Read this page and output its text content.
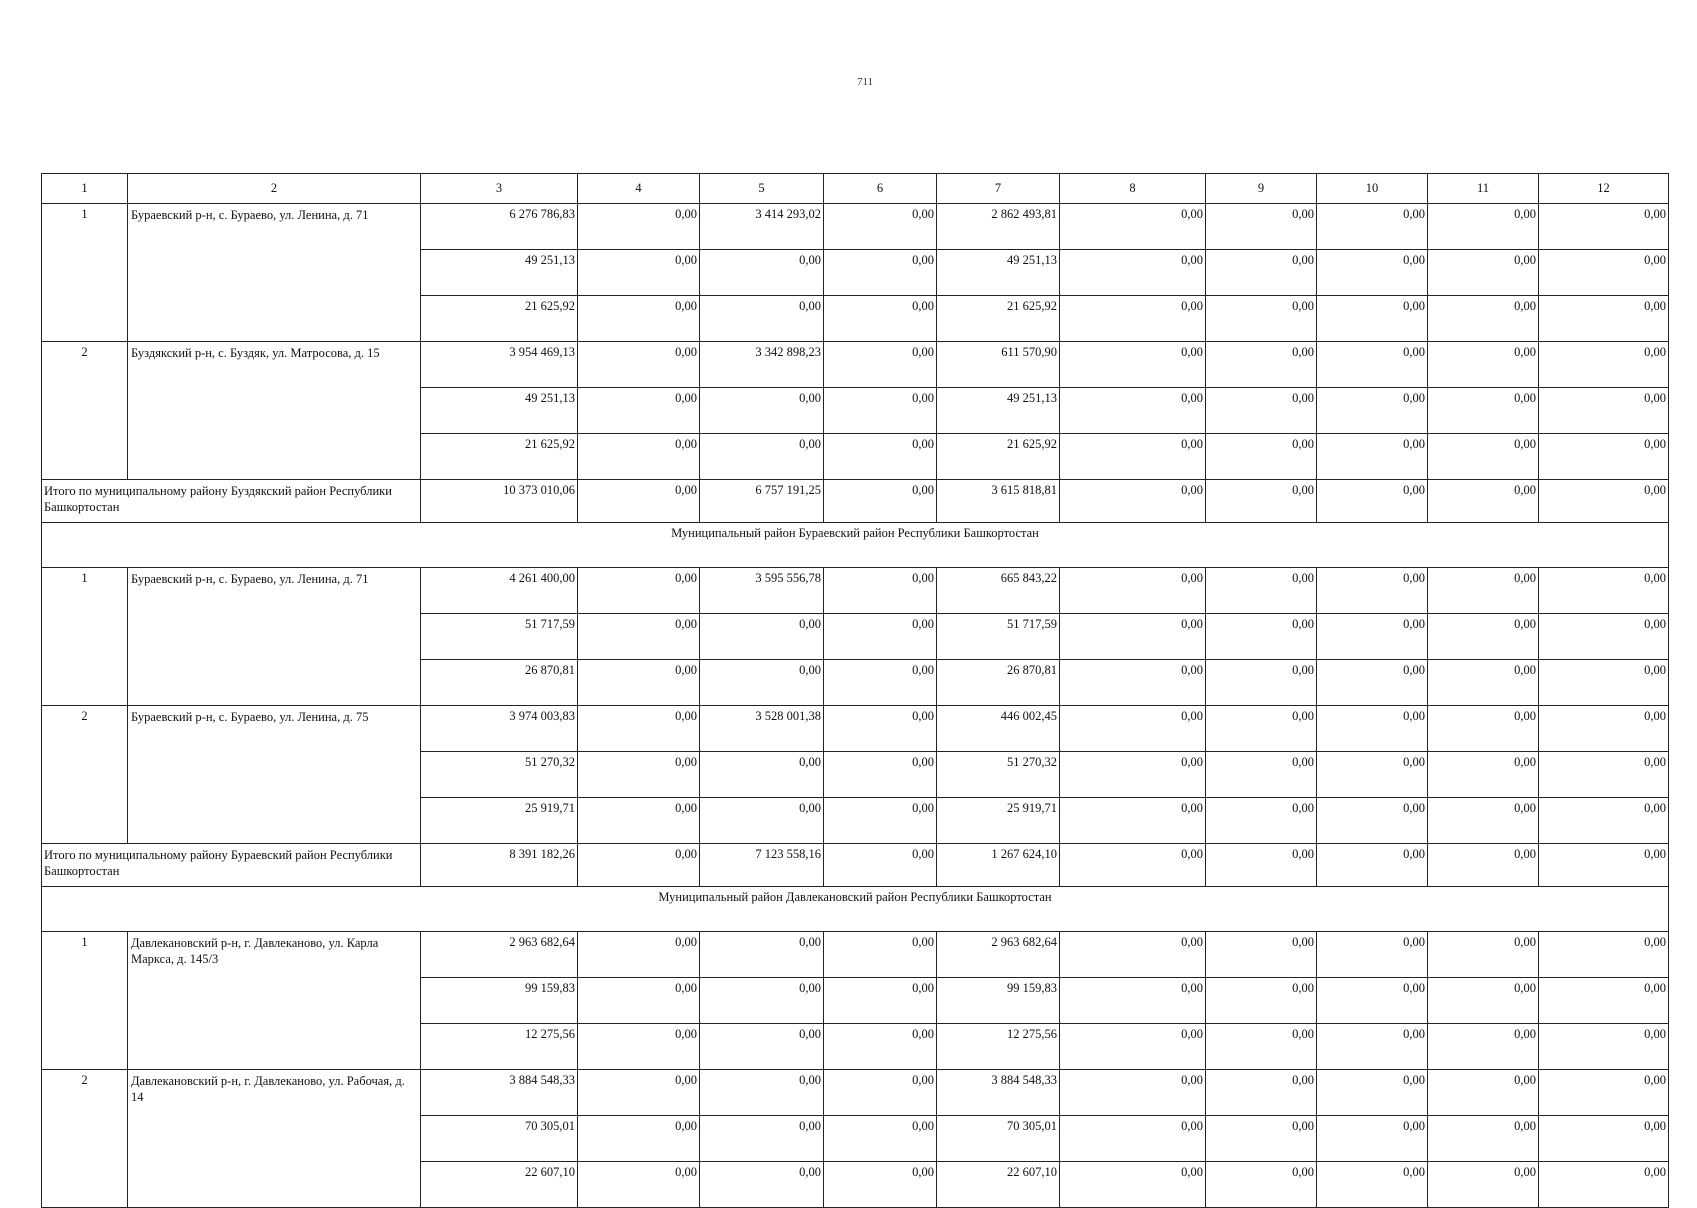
711
1	2	3	4	5	6	7	8	9	10	11	12
1	Бураевский р-н, с. Бураево, ул. Ленина, д. 71	6 276 786,83	0,00	3 414 293,02	0,00	2 862 493,81	0,00	0,00	0,00	0,00	0,00
		49 251,13	0,00	0,00	0,00	49 251,13	0,00	0,00	0,00	0,00	0,00
		21 625,92	0,00	0,00	0,00	21 625,92	0,00	0,00	0,00	0,00	0,00
2	Буздякский р-н, с. Буздяк, ул. Матросова, д. 15	3 954 469,13	0,00	3 342 898,23	0,00	611 570,90	0,00	0,00	0,00	0,00	0,00
		49 251,13	0,00	0,00	0,00	49 251,13	0,00	0,00	0,00	0,00	0,00
		21 625,92	0,00	0,00	0,00	21 625,92	0,00	0,00	0,00	0,00	0,00
Итого по муниципальному району Буздякский район Республики Башкортостан		10 373 010,06	0,00	6 757 191,25	0,00	3 615 818,81	0,00	0,00	0,00	0,00	0,00
Муниципальный район Бураевский район Республики Башкортостан											
1	Бураевский р-н, с. Бураево, ул. Ленина, д. 71	4 261 400,00	0,00	3 595 556,78	0,00	665 843,22	0,00	0,00	0,00	0,00	0,00
		51 717,59	0,00	0,00	0,00	51 717,59	0,00	0,00	0,00	0,00	0,00
		26 870,81	0,00	0,00	0,00	26 870,81	0,00	0,00	0,00	0,00	0,00
2	Бураевский р-н, с. Бураево, ул. Ленина, д. 75	3 974 003,83	0,00	3 528 001,38	0,00	446 002,45	0,00	0,00	0,00	0,00	0,00
		51 270,32	0,00	0,00	0,00	51 270,32	0,00	0,00	0,00	0,00	0,00
		25 919,71	0,00	0,00	0,00	25 919,71	0,00	0,00	0,00	0,00	0,00
Итого по муниципальному району Бураевский район Республики Башкортостан		8 391 182,26	0,00	7 123 558,16	0,00	1 267 624,10	0,00	0,00	0,00	0,00	0,00
Муниципальный район Давлекановский район Республики Башкортостан											
1	Давлекановский р-н, г. Давлеканово, ул. Карла Маркса, д. 145/3	2 963 682,64	0,00	0,00	0,00	2 963 682,64	0,00	0,00	0,00	0,00	0,00
		99 159,83	0,00	0,00	0,00	99 159,83	0,00	0,00	0,00	0,00	0,00
		12 275,56	0,00	0,00	0,00	12 275,56	0,00	0,00	0,00	0,00	0,00
2	Давлекановский р-н, г. Давлеканово, ул. Рабочая, д. 14	3 884 548,33	0,00	0,00	0,00	3 884 548,33	0,00	0,00	0,00	0,00	0,00
		70 305,01	0,00	0,00	0,00	70 305,01	0,00	0,00	0,00	0,00	0,00
		22 607,10	0,00	0,00	0,00	22 607,10	0,00	0,00	0,00	0,00	0,00
